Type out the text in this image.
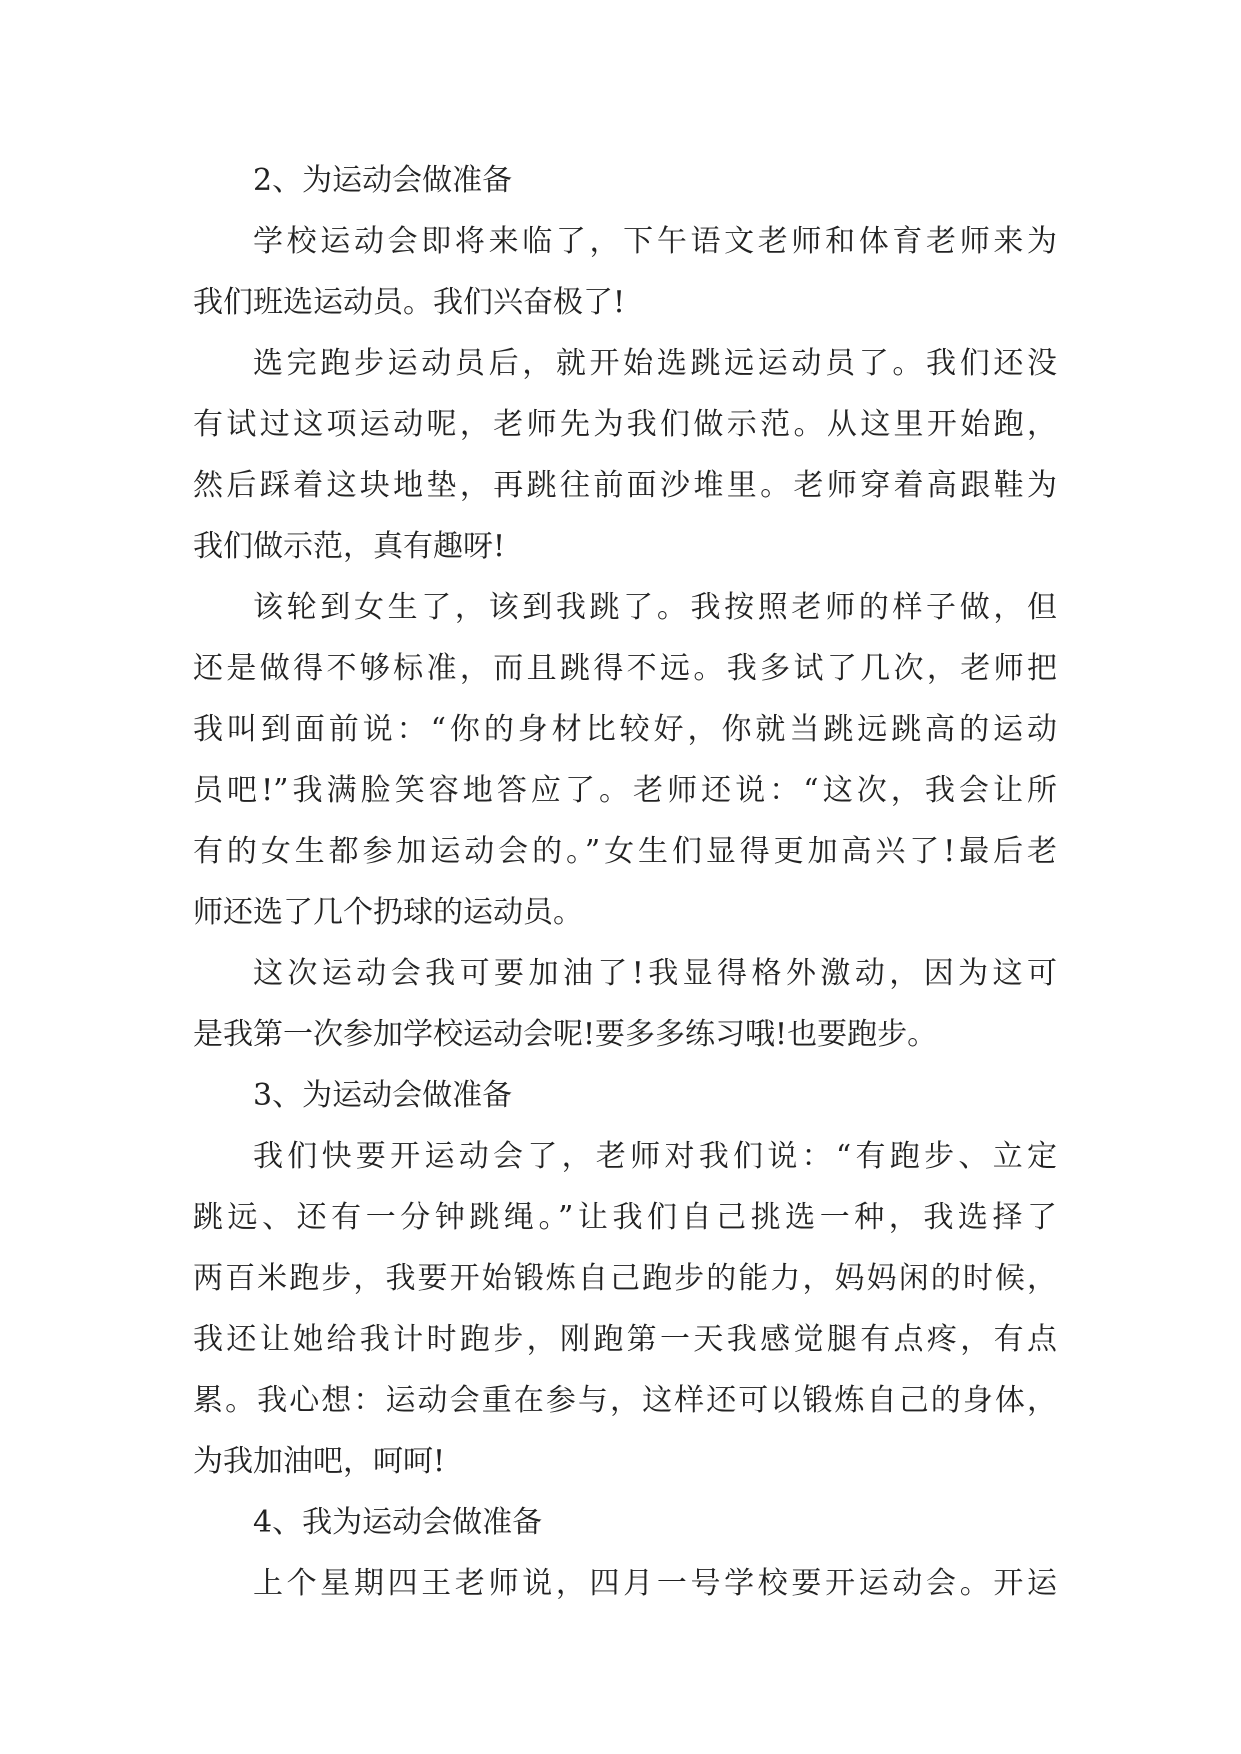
2、为运动会做准备
学校运动会即将来临了，下午语文老师和体育老师来为
我们班选运动员。我们兴奋极了!
选完跑步运动员后，就开始选跳远运动员了。我们还没
有试过这项运动呢，老师先为我们做示范。从这里开始跑，
然后踩着这块地垫，再跳往前面沙堆里。老师穿着高跟鞋为
我们做示范，真有趣呀!
该轮到女生了，该到我跳了。我按照老师的样子做，但
还是做得不够标准，而且跳得不远。我多试了几次，老师把
我叫到面前说：“你的身材比较好，你就当跳远跳高的运动
员吧!”我满脸笑容地答应了。老师还说：“这次，我会让所
有的女生都参加运动会的。”女生们显得更加高兴了!最后老
师还选了几个扔球的运动员。
这次运动会我可要加油了!我显得格外激动，因为这可
是我第一次参加学校运动会呢!要多多练习哦!也要跑步。
3、为运动会做准备
我们快要开运动会了，老师对我们说：“有跑步、立定
跳远、还有一分钟跳绳。”让我们自己挑选一种，我选择了
两百米跑步，我要开始锻炼自己跑步的能力，妈妈闲的时候，
我还让她给我计时跑步，刚跑第一天我感觉腿有点疼，有点
累。我心想：运动会重在参与，这样还可以锻炼自己的身体，
为我加油吧，呵呵!
4、我为运动会做准备
上个星期四王老师说，四月一号学校要开运动会。开运
